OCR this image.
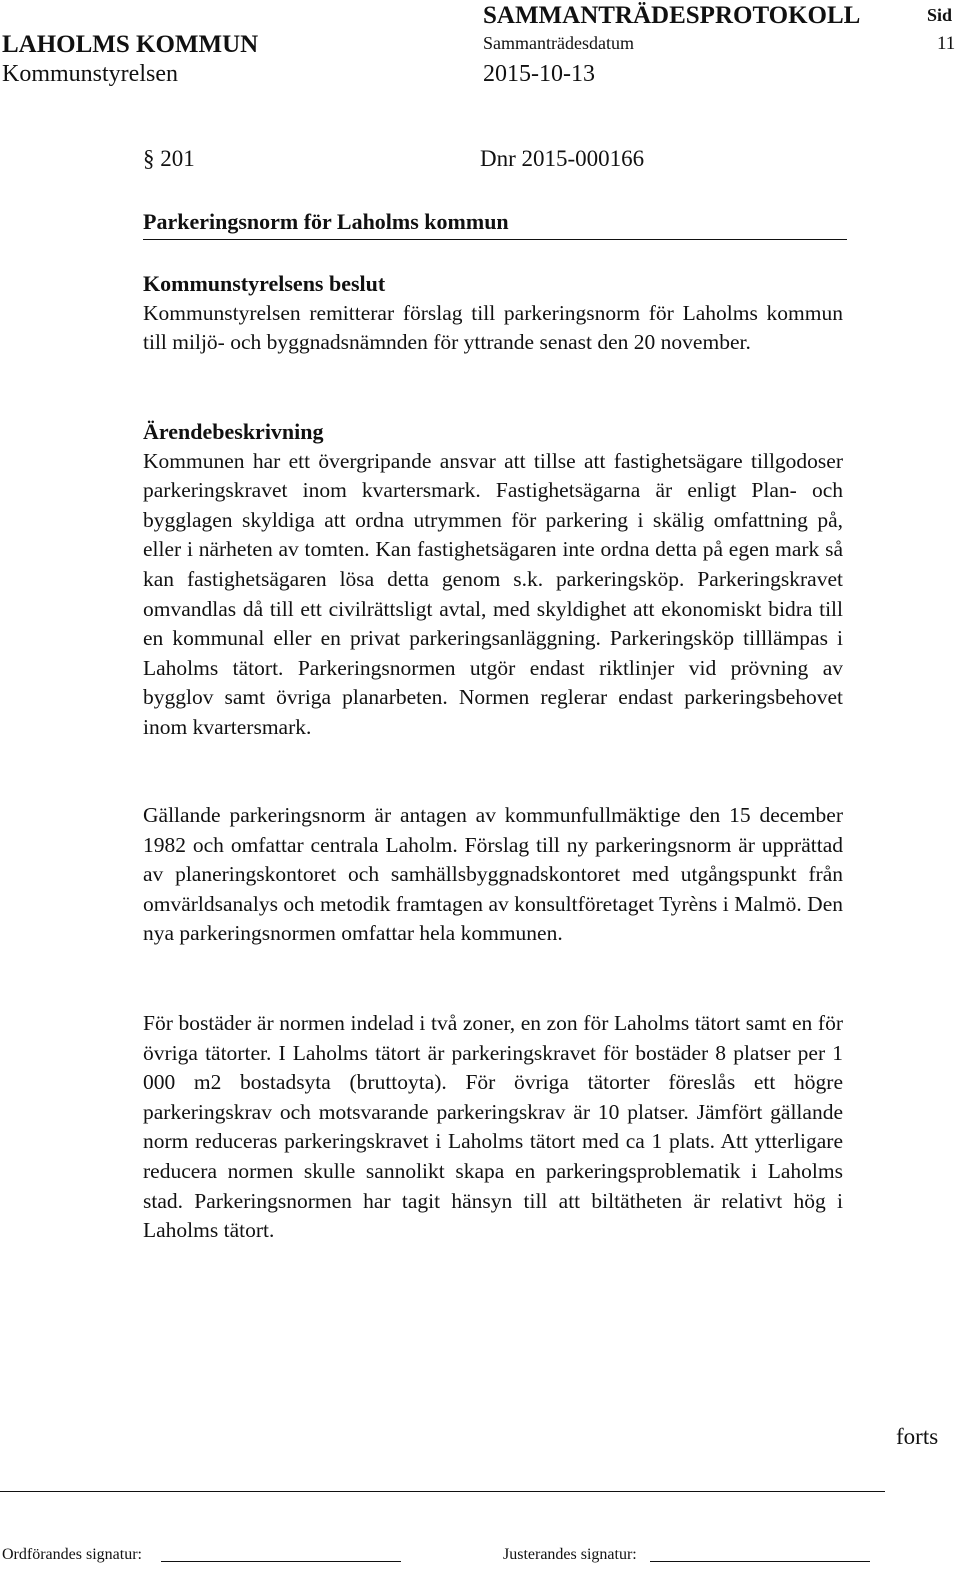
SAMMANTRÄDESPROTOKOLL	Sid
LAHOLMS KOMMUN	Sammanträdesdatum	11
Kommunstyrelsen	2015-10-13
§ 201	Dnr 2015-000166
Parkeringsnorm för Laholms kommun
Kommunstyrelsens beslut

Kommunstyrelsen remitterar förslag till parkeringsnorm för Laholms kommun till miljö- och byggnadsnämnden för yttrande senast den 20 november.

Ärendebeskrivning

Kommunen har ett övergripande ansvar att tillse att fastighetsägare tillgodoser parkeringskravet inom kvartersmark. Fastighetsägarna är enligt Plan- och bygglagen skyldiga att ordna utrymmen för parkering i skälig omfattning på, eller i närheten av tomten. Kan fastighetsägaren inte ordna detta på egen mark så kan fastighetsägaren lösa detta genom s.k. parkeringsköp. Parkeringskravet omvandlas då till ett civilrättsligt avtal, med skyldighet att ekonomiskt bidra till en kommunal eller en privat parkeringsanläggning. Parkeringsköp tilllämpas i Laholms tätort. Parkeringsnormen utgör endast riktlinjer vid prövning av bygglov samt övriga planarbeten. Normen reglerar endast parkeringsbehovet inom kvartersmark.

Gällande parkeringsnorm är antagen av kommunfullmäktige den 15 december 1982 och omfattar centrala Laholm. Förslag till ny parkeringsnorm är upprättad av planeringskontoret och samhällsbyggnadskontoret med utgångspunkt från omvärldsanalys och metodik framtagen av konsultföretaget Tyrèns i Malmö. Den nya parkeringsnormen omfattar hela kommunen.

För bostäder är normen indelad i två zoner, en zon för Laholms tätort samt en för övriga tätorter. I Laholms tätort är parkeringskravet för bostäder 8 platser per 1 000 m2 bostadsyta (bruttoyta). För övriga tätorter föreslås ett högre parkeringskrav och motsvarande parkeringskrav är 10 platser. Jämfört gällande norm reduceras parkeringskravet i Laholms tätort med ca 1 plats. Att ytterligare reducera normen skulle sannolikt skapa en parkeringsproblematik i Laholms stad. Parkeringsnormen har tagit hänsyn till att biltätheten är relativt hög i Laholms tätort.

forts
Ordförandes signatur:	Justerandes signatur:
